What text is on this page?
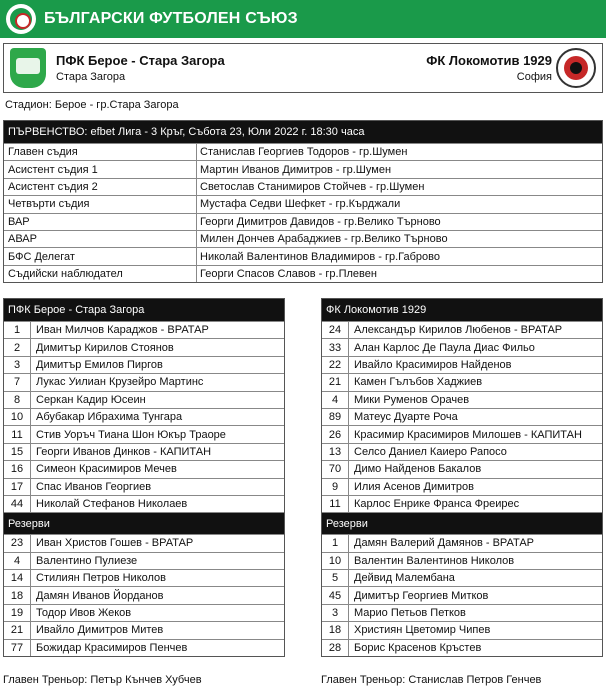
БЪЛГАРСКИ ФУТБОЛЕН СЪЮЗ
ПФК Берое - Стара Загора
Стара Загора
ФК Локомотив 1929
София
Стадион: Берое - гр.Стара Загора
ПЪРВЕНСТВО: efbet Лига - 3 Кръг, Събота 23, Юли 2022 г. 18:30 часа
Главен съдия	Станислав Георгиев Тодоров - гр.Шумен
Асистент съдия 1	Мартин Иванов Димитров - гр.Шумен
Асистент съдия 2	Светослав Станимиров Стойчев - гр.Шумен
Четвърти съдия	Мустафа Седви Шефкет - гр.Кърджали
ВАР	Георги Димитров Давидов - гр.Велико Търново
АВАР	Милен Дончев Арабаджиев - гр.Велико Търново
БФС Делегат	Николай Валентинов Владимиров - гр.Габрово
Съдийски наблюдател	Георги Спасов Славов - гр.Плевен
ПФК Берое - Стара Загора
1	Иван Милчов Караджов - ВРАТАР
2	Димитър Кирилов Стоянов
3	Димитър Емилов Пиргов
7	Лукас Уилиан Крузейро Мартинс
8	Серкан Кадир Юсеин
10	Абубакар Ибрахима Тунгара
11	Стив Уоръч Тиана Шон Юкър Траоре
15	Георги Иванов Динков - КАПИТАН
16	Симеон Красимиров Мечев
17	Спас Иванов Георгиев
44	Николай Стефанов Николаев
Резерви
23	Иван Христов Гошев - ВРАТАР
4	Валентино Пулиезе
14	Стилиян Петров Николов
18	Дамян Иванов Йорданов
19	Тодор Ивов Жеков
21	Ивайло Димитров Митев
77	Божидар Красимиров Пенчев
ФК Локомотив 1929
24	Александър Кирилов Любенов - ВРАТАР
33	Алан Карлос Де Паула Диас Фильо
22	Ивайло Красимиров Найденов
21	Камен Гълъбов Хаджиев
4	Мики Руменов Орачев
89	Матеус Дуарте Роча
26	Красимир Красимиров Милошев - КАПИТАН
13	Селсо Даниел Каиеро Рапосо
70	Димо Найденов Бакалов
9	Илия Асенов Димитров
11	Карлос Енрике Франса Фреирес
Резерви
1	Дамян Валерий Дамянов - ВРАТАР
10	Валентин Валентинов Николов
5	Дейвид Малембана
45	Димитър Георгиев Митков
3	Марио Петьов Петков
18	Християн Цветомир Чипев
28	Борис Красенов Кръстев
Главен Треньор: Петър Кънчев Хубчев	Главен Треньор: Станислав Петров Генчев
